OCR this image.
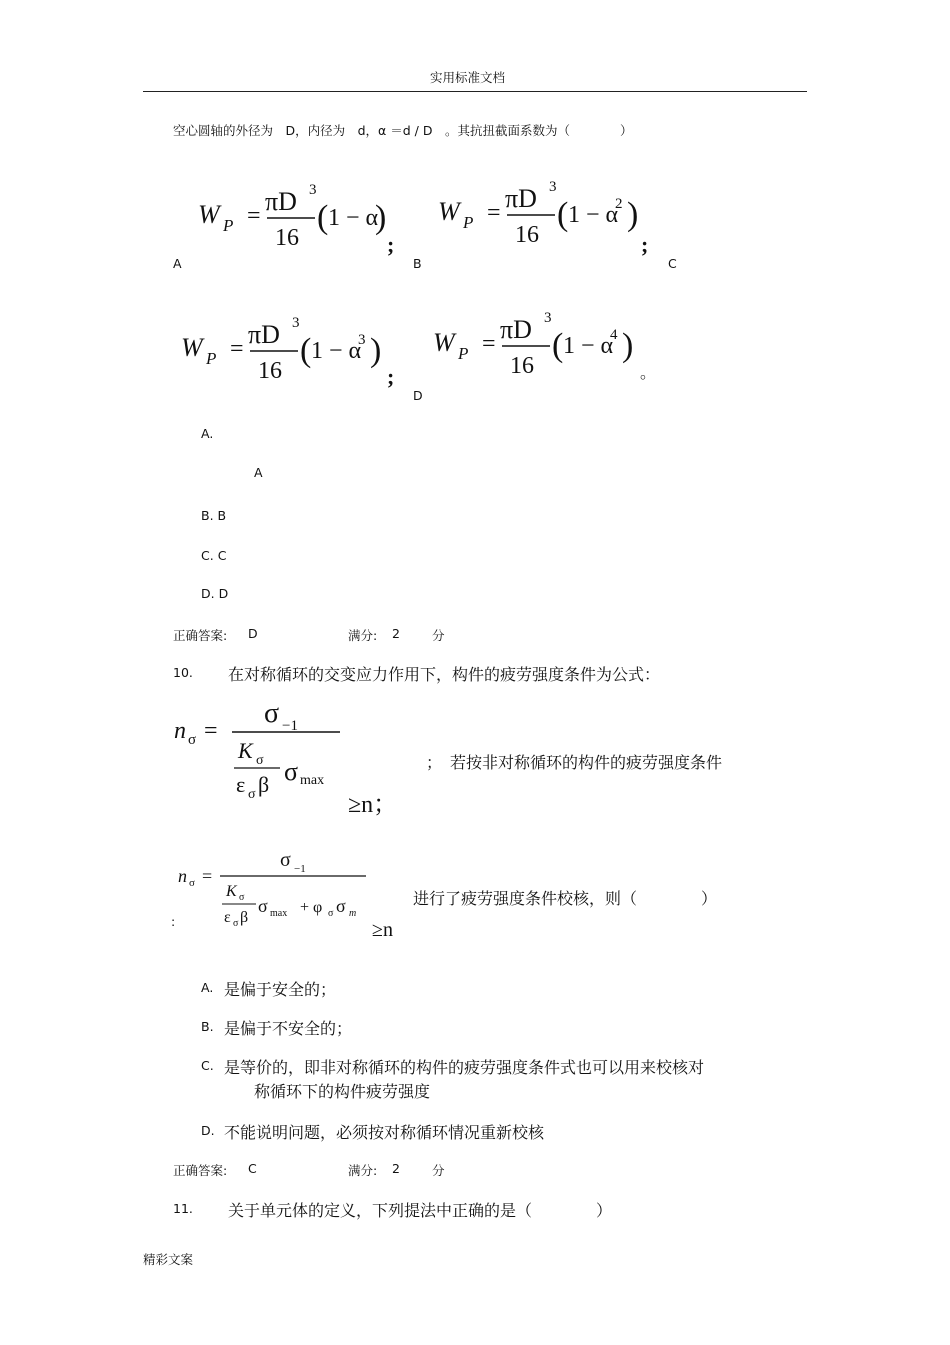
实用标准文档
空心圆轴的外径为　D，内径为　d，α ＝d / D　。其抗扭截面系数为（　　　　）
W P = πD 3
16
( 1 − α
)
;
A
W P = πD 3
16
( 1 − α
2 )
;
B	C
W P = πD 3
16
( 1 − α
3 )
;
W P = πD 3
16
( 1 − α
4 )
。
D
A.
A
B. B
C. C
D. D
正确答案: D	满分: 2	分
10. 在对称循环的交变应力作用下，构件的疲劳强度条件为公式：
n σ =
σ −1
K σ
ε σ β σ max
≥n；
；　若按非对称循环的构件的疲劳强度条件
:
n σ =
σ −1
K σ
ε σ β
σ max + φ σ σ m
≥n
进行了疲劳强度条件校核，则（　　　　）
A. 是偏于安全的；
B. 是偏于不安全的；
C. 是等价的，即非对称循环的构件的疲劳强度条件式也可以用来校核对
称循环下的构件疲劳强度
D. 不能说明问题，必须按对称循环情况重新校核
正确答案: C	满分: 2	分
11. 关于单元体的定义，下列提法中正确的是（　　　　）
精彩文案
